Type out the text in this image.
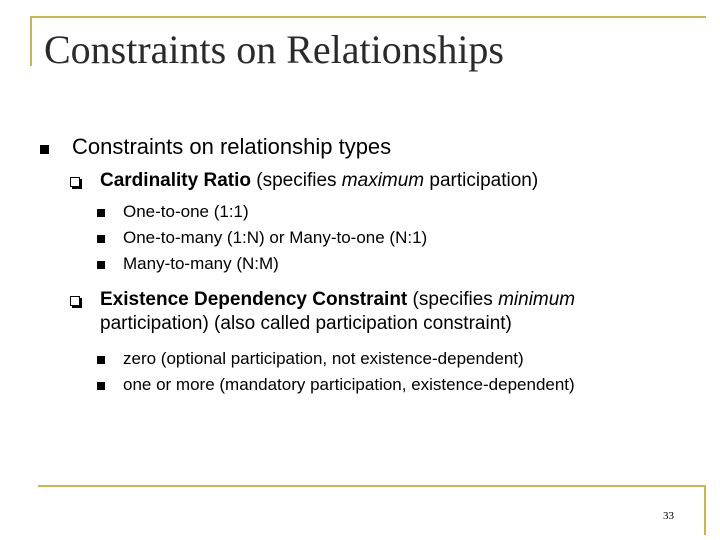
Constraints on Relationships
Constraints on relationship types
Cardinality Ratio (specifies maximum participation)
One-to-one (1:1)
One-to-many (1:N) or Many-to-one (N:1)
Many-to-many (N:M)
Existence Dependency Constraint (specifies minimum participation) (also called participation constraint)
zero (optional participation, not existence-dependent)
one or more (mandatory participation, existence-dependent)
33
